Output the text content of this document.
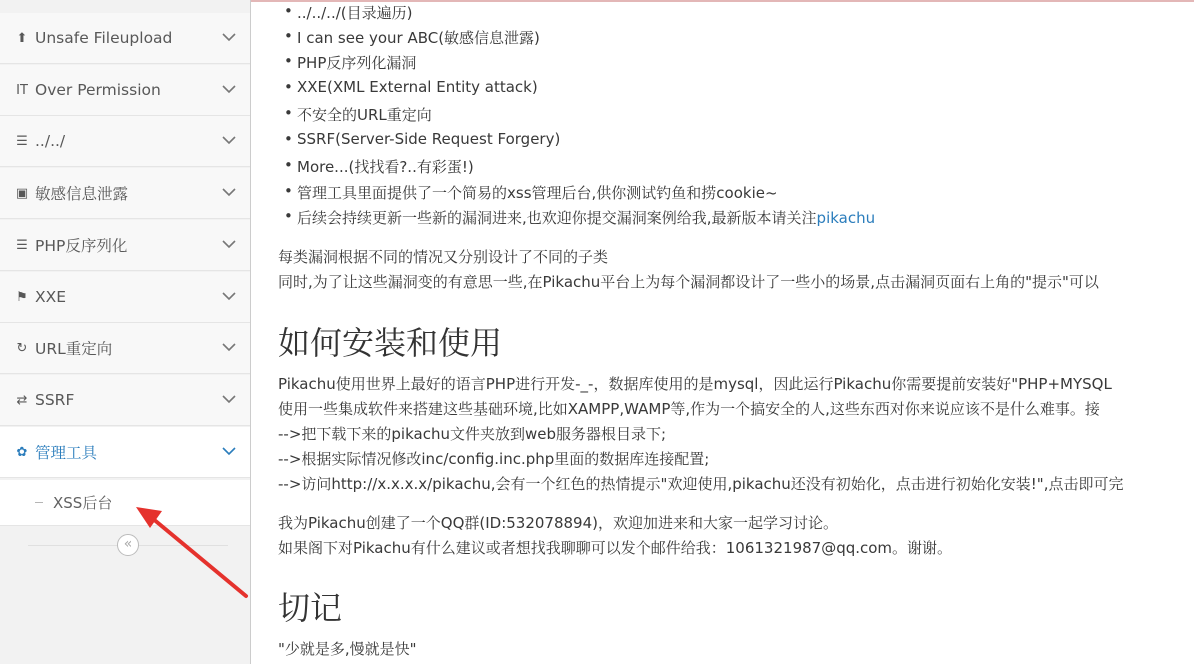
⬆ Unsafe Fileupload
IT Over Permission
☰ ../../
▣ 敏感信息泄露
☰ PHP反序列化
⚑ XXE
↻ URL重定向
⇄ SSRF
✿ 管理工具
XSS后台
«
• ../../../(目录遍历)
• I can see your ABC(敏感信息泄露)
• PHP反序列化漏洞
• XXE(XML External Entity attack)
• 不安全的URL重定向
• SSRF(Server-Side Request Forgery)
• More...(找找看?..有彩蛋!)
• 管理工具里面提供了一个简易的xss管理后台,供你测试钓鱼和捞cookie~
• 后续会持续更新一些新的漏洞进来,也欢迎你提交漏洞案例给我,最新版本请关注pikachu
每类漏洞根据不同的情况又分别设计了不同的子类
同时,为了让这些漏洞变的有意思一些,在Pikachu平台上为每个漏洞都设计了一些小的场景,点击漏洞页面右上角的"提示"可以
如何安装和使用
Pikachu使用世界上最好的语言PHP进行开发-_-，数据库使用的是mysql，因此运行Pikachu你需要提前安装好"PHP+MYSQL
使用一些集成软件来搭建这些基础环境,比如XAMPP,WAMP等,作为一个搞安全的人,这些东西对你来说应该不是什么难事。接
-->把下载下来的pikachu文件夹放到web服务器根目录下;
-->根据实际情况修改inc/config.inc.php里面的数据库连接配置;
-->访问http://x.x.x.x/pikachu,会有一个红色的热情提示"欢迎使用,pikachu还没有初始化，点击进行初始化安装!",点击即可完
我为Pikachu创建了一个QQ群(ID:532078894)，欢迎加进来和大家一起学习讨论。
如果阁下对Pikachu有什么建议或者想找我聊聊可以发个邮件给我：1061321987@qq.com。谢谢。
切记
"少就是多,慢就是快"
